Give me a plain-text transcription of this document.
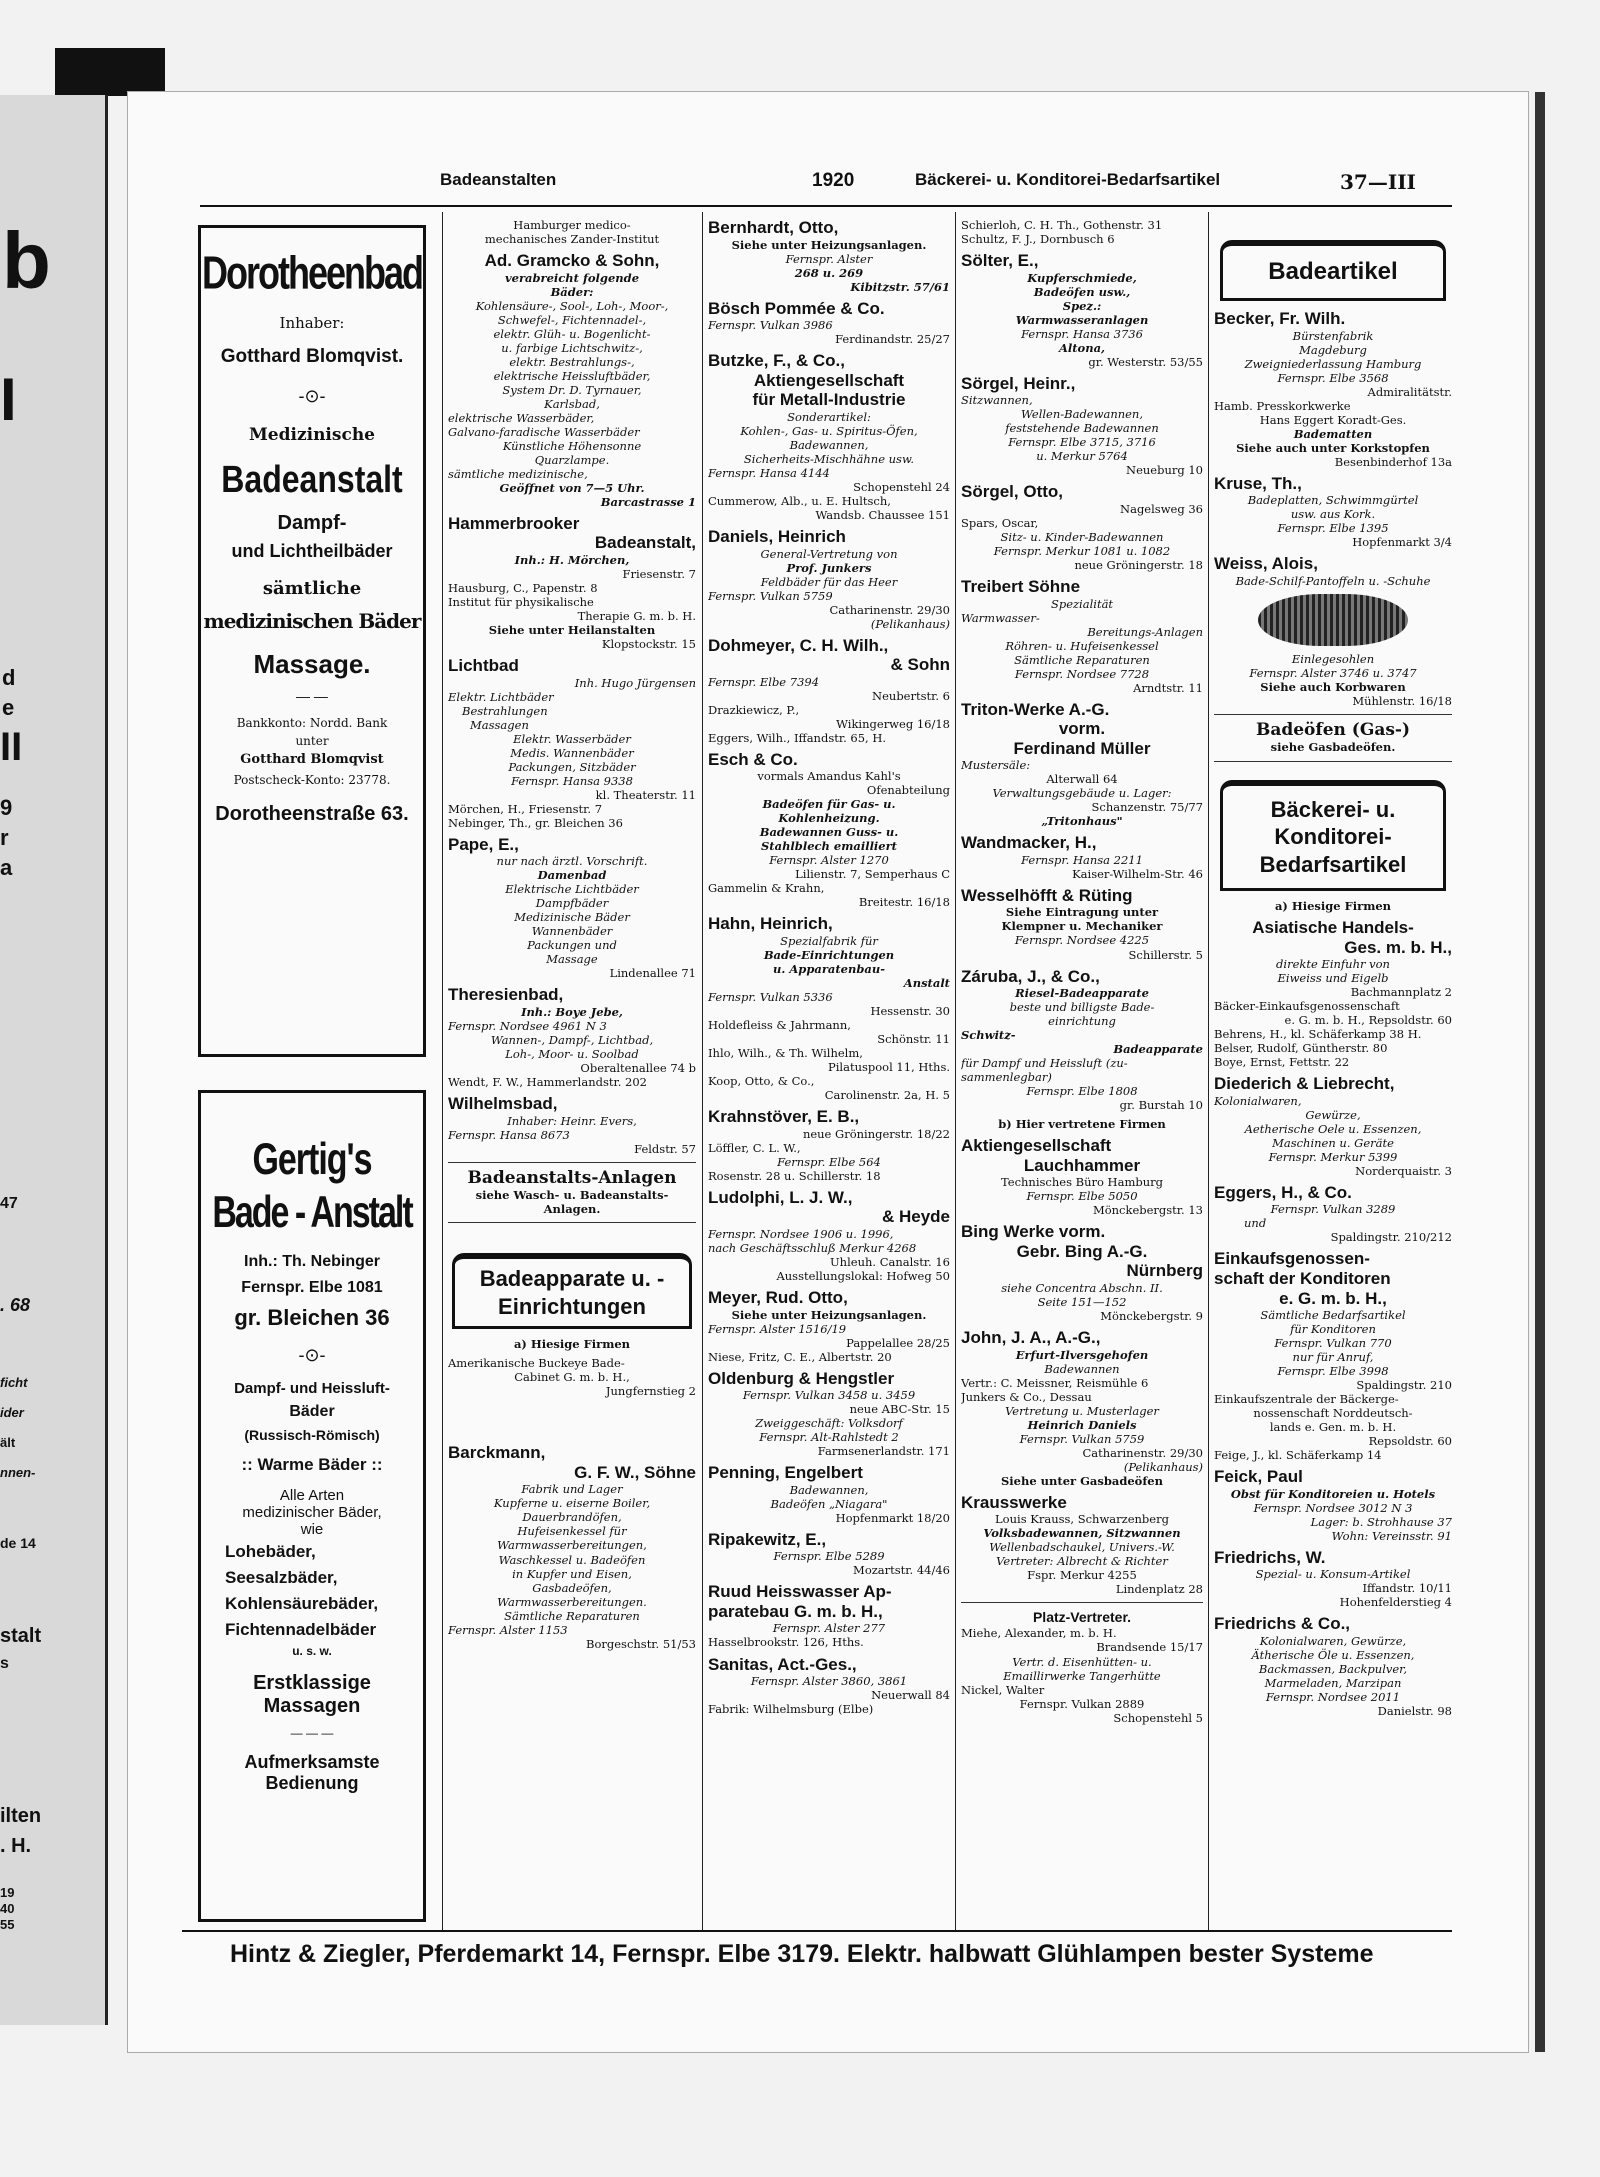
b
I
d
e
II
9
r
a
47
. 68
ficht
ider
ält
nnen-
de 14
stalt
s
ilten
. H.
19
40
55
Badeanstalten	1920	Bäckerei- u. Konditorei-Bedarfsartikel	37—III
Dorotheenbad
Inhaber:
Gotthard Blomqvist.
-⊙-
Medizinische
Badeanstalt
Dampf-
und Lichtheilbäder
sämtliche
medizinischen Bäder
Massage.
— —
Bankkonto: Nordd. Bank
unter
Gotthard Blomqvist
Postscheck-Konto: 23778.
Dorotheenstraße 63.
Gertig's
Bade - Anstalt
Inh.: Th. Nebinger
Fernspr. Elbe 1081
gr. Bleichen 36
-⊙-
Dampf- und Heissluft-
Bäder
(Russisch-Römisch)
:: Warme Bäder ::
Alle Arten
medizinischer Bäder,
wie
Lohebäder,
Seesalzbäder,
Kohlensäurebäder,
Fichtennadelbäder
u. s. w.
Erstklassige
Massagen
— — —
Aufmerksamste
Bedienung
Hamburger medico-
mechanisches Zander-Institut
Ad. Gramcko & Sohn,
verabreicht folgende
Bäder:
Kohlensäure-, Sool-, Loh-, Moor-,
Schwefel-, Fichtennadel-,
elektr. Glüh- u. Bogenlicht-
u. farbige Lichtschwitz-,
elektr. Bestrahlungs-,
elektrische Heissluftbäder,
System Dr. D. Tyrnauer,
Karlsbad,
elektrische Wasserbäder,
Galvano-faradische Wasserbäder
Künstliche Höhensonne
Quarzlampe.
sämtliche medizinische,
Geöffnet von 7—5 Uhr.
Barcastrasse 1
Hammerbrooker
Badeanstalt,
Inh.: H. Mörchen,
Friesenstr. 7
Hausburg, C., Papenstr. 8
Institut für physikalische
Therapie G. m. b. H.
Siehe unter Heilanstalten
Klopstockstr. 15
Lichtbad
Inh. Hugo Jürgensen
Elektr. Lichtbäder
Bestrahlungen
Massagen
Elektr. Wasserbäder
Medis. Wannenbäder
Packungen, Sitzbäder
Fernspr. Hansa 9338
kl. Theaterstr. 11
Mörchen, H., Friesenstr. 7
Nebinger, Th., gr. Bleichen 36
Pape, E.,
nur nach ärztl. Vorschrift.
Damenbad
Elektrische Lichtbäder
Dampfbäder
Medizinische Bäder
Wannenbäder
Packungen und
Massage
Lindenallee 71
Theresienbad,
Inh.: Boye Jebe,
Fernspr. Nordsee 4961 N 3
Wannen-, Dampf-, Lichtbad,
Loh-, Moor- u. Soolbad
Oberaltenallee 74 b
Wendt, F. W., Hammerlandstr. 202
Wilhelmsbad,
Inhaber: Heinr. Evers,
Fernspr. Hansa 8673
Feldstr. 57
Badeanstalts-Anlagen
siehe Wasch- u. Badeanstalts-
Anlagen.
Badeapparate u. -Einrichtungen
a) Hiesige Firmen
Amerikanische Buckeye Bade-
Cabinet G. m. b. H.,
Jungfernstieg 2
Barckmann,
G. F. W., Söhne
Fabrik und Lager
Kupferne u. eiserne Boiler,
Dauerbrandöfen,
Hufeisenkessel für
Warmwasserbereitungen,
Waschkessel u. Badeöfen
in Kupfer und Eisen,
Gasbadeöfen,
Warmwasserbereitungen.
Sämtliche Reparaturen
Fernspr. Alster 1153
Borgeschstr. 51/53
Bernhardt, Otto,
Siehe unter Heizungsanlagen.
Fernspr. Alster
268 u. 269
Kibitzstr. 57/61
Bösch Pommée & Co.
Fernspr. Vulkan 3986
Ferdinandstr. 25/27
Butzke, F., & Co.,
Aktiengesellschaft
für Metall-Industrie
Sonderartikel:
Kohlen-, Gas- u. Spiritus-Öfen,
Badewannen,
Sicherheits-Mischhähne usw.
Fernspr. Hansa 4144
Schopenstehl 24
Cummerow, Alb., u. E. Hultsch,
Wandsb. Chaussee 151
Daniels, Heinrich
General-Vertretung von
Prof. Junkers
Feldbäder für das Heer
Fernspr. Vulkan 5759
Catharinenstr. 29/30
(Pelikanhaus)
Dohmeyer, C. H. Wilh.,
& Sohn
Fernspr. Elbe 7394
Neubertstr. 6
Drazkiewicz, P.,
Wikingerweg 16/18
Eggers, Wilh., Iffandstr. 65, H.
Esch & Co.
vormals Amandus Kahl's
Ofenabteilung
Badeöfen für Gas- u.
Kohlenheizung.
Badewannen Guss- u.
Stahlblech emailliert
Fernspr. Alster 1270
Lilienstr. 7, Semperhaus C
Gammelin & Krahn,
Breitestr. 16/18
Hahn, Heinrich,
Spezialfabrik für
Bade-Einrichtungen
u. Apparatenbau-
Anstalt
Fernspr. Vulkan 5336
Hessenstr. 30
Holdefleiss & Jahrmann,
Schönstr. 11
Ihlo, Wilh., & Th. Wilhelm,
Pilatuspool 11, Hths.
Koop, Otto, & Co.,
Carolinenstr. 2a, H. 5
Krahnstöver, E. B.,
neue Gröningerstr. 18/22
Löffler, C. L. W.,
Fernspr. Elbe 564
Rosenstr. 28 u. Schillerstr. 18
Ludolphi, L. J. W.,
& Heyde
Fernspr. Nordsee 1906 u. 1996,
nach Geschäftsschluß Merkur 4268
Uhleuh. Canalstr. 16
Ausstellungslokal: Hofweg 50
Meyer, Rud. Otto,
Siehe unter Heizungsanlagen.
Fernspr. Alster 1516/19
Pappelallee 28/25
Niese, Fritz, C. E., Albertstr. 20
Oldenburg & Hengstler
Fernspr. Vulkan 3458 u. 3459
neue ABC-Str. 15
Zweiggeschäft: Volksdorf
Fernspr. Alt-Rahlstedt 2
Farmsenerlandstr. 171
Penning, Engelbert
Badewannen,
Badeöfen „Niagara"
Hopfenmarkt 18/20
Ripakewitz, E.,
Fernspr. Elbe 5289
Mozartstr. 44/46
Ruud Heisswasser Ap-
paratebau G. m. b. H.,
Fernspr. Alster 277
Hasselbrookstr. 126, Hths.
Sanitas, Act.-Ges.,
Fernspr. Alster 3860, 3861
Neuerwall 84
Fabrik: Wilhelmsburg (Elbe)
Schierloh, C. H. Th., Gothenstr. 31
Schultz, F. J., Dornbusch 6
Sölter, E.,
Kupferschmiede,
Badeöfen usw.,
Spez.:
Warmwasseranlagen
Fernspr. Hansa 3736
Altona,
gr. Westerstr. 53/55
Sörgel, Heinr.,
Sitzwannen,
Wellen-Badewannen,
feststehende Badewannen
Fernspr. Elbe 3715, 3716
u. Merkur 5764
Neueburg 10
Sörgel, Otto,
Nagelsweg 36
Spars, Oscar,
Sitz- u. Kinder-Badewannen
Fernspr. Merkur 1081 u. 1082
neue Gröningerstr. 18
Treibert Söhne
Spezialität
Warmwasser-
Bereitungs-Anlagen
Röhren- u. Hufeisenkessel
Sämtliche Reparaturen
Fernspr. Nordsee 7728
Arndtstr. 11
Triton-Werke A.-G.
vorm.
Ferdinand Müller
Mustersäle:
Alterwall 64
Verwaltungsgebäude u. Lager:
Schanzenstr. 75/77
„Tritonhaus"
Wandmacker, H.,
Fernspr. Hansa 2211
Kaiser-Wilhelm-Str. 46
Wesselhöfft & Rüting
Siehe Eintragung unter
Klempner u. Mechaniker
Fernspr. Nordsee 4225
Schillerstr. 5
Záruba, J., & Co.,
Riesel-Badeapparate
beste und billigste Bade-
einrichtung
Schwitz-
Badeapparate
für Dampf und Heissluft (zu-
sammenlegbar)
Fernspr. Elbe 1808
gr. Burstah 10
b) Hier vertretene Firmen
Aktiengesellschaft
Lauchhammer
Technisches Büro Hamburg
Fernspr. Elbe 5050
Mönckebergstr. 13
Bing Werke vorm.
Gebr. Bing A.-G.
Nürnberg
siehe Concentra Abschn. II.
Seite 151—152
Mönckebergstr. 9
John, J. A., A.-G.,
Erfurt-Ilversgehofen
Badewannen
Vertr.: C. Meissner, Reismühle 6
Junkers & Co., Dessau
Vertretung u. Musterlager
Heinrich Daniels
Fernspr. Vulkan 5759
Catharinenstr. 29/30
(Pelikanhaus)
Siehe unter Gasbadeöfen
Krausswerke
Louis Krauss, Schwarzenberg
Volksbadewannen, Sitzwannen
Wellenbadschaukel, Univers.-W.
Vertreter: Albrecht & Richter
Fspr. Merkur 4255
Lindenplatz 28
Platz-Vertreter.
Miehe, Alexander, m. b. H.
Brandsende 15/17
Vertr. d. Eisenhütten- u.
Emaillirwerke Tangerhütte
Nickel, Walter
Fernspr. Vulkan 2889
Schopenstehl 5
Badeartikel
Becker, Fr. Wilh.
Bürstenfabrik
Magdeburg
Zweigniederlassung Hamburg
Fernspr. Elbe 3568
Admiralitätstr.
Hamb. Presskorkwerke
Hans Eggert Koradt-Ges.
Badematten
Siehe auch unter Korkstopfen
Besenbinderhof 13a
Kruse, Th.,
Badeplatten, Schwimmgürtel
usw. aus Kork.
Fernspr. Elbe 1395
Hopfenmarkt 3/4
Weiss, Alois,
Bade-Schilf-Pantoffeln u. -Schuhe
Einlegesohlen
Fernspr. Alster 3746 u. 3747
Siehe auch Korbwaren
Mühlenstr. 16/18
Badeöfen (Gas-)
siehe Gasbadeöfen.
Bäckerei- u. Konditorei-Bedarfsartikel
a) Hiesige Firmen
Asiatische Handels-
Ges. m. b. H.,
direkte Einfuhr von
Eiweiss und Eigelb
Bachmannplatz 2
Bäcker-Einkaufsgenossenschaft
e. G. m. b. H., Repsoldstr. 60
Behrens, H., kl. Schäferkamp 38 H.
Belser, Rudolf, Güntherstr. 80
Boye, Ernst, Fettstr. 22
Diederich & Liebrecht,
Kolonialwaren,
Gewürze,
Aetherische Oele u. Essenzen,
Maschinen u. Geräte
Fernspr. Merkur 5399
Norderquaistr. 3
Eggers, H., & Co.
Fernspr. Vulkan 3289
und
Spaldingstr. 210/212
Einkaufsgenossen-
schaft der Konditoren
e. G. m. b. H.,
Sämtliche Bedarfsartikel
für Konditoren
Fernspr. Vulkan 770
nur für Anruf,
Fernspr. Elbe 3998
Spaldingstr. 210
Einkaufszentrale der Bäckerge-
nossenschaft Norddeutsch-
lands e. Gen. m. b. H.
Repsoldstr. 60
Feige, J., kl. Schäferkamp 14
Feick, Paul
Obst für Konditoreien u. Hotels
Fernspr. Nordsee 3012 N 3
Lager: b. Strohhause 37
Wohn: Vereinsstr. 91
Friedrichs, W.
Spezial- u. Konsum-Artikel
Iffandstr. 10/11
Hohenfelderstieg 4
Friedrichs & Co.,
Kolonialwaren, Gewürze,
Ätherische Öle u. Essenzen,
Backmassen, Backpulver,
Marmeladen, Marzipan
Fernspr. Nordsee 2011
Danielstr. 98
Hintz & Ziegler, Pferdemarkt 14, Fernspr. Elbe 3179. Elektr. halbwatt Glühlampen bester Systeme
